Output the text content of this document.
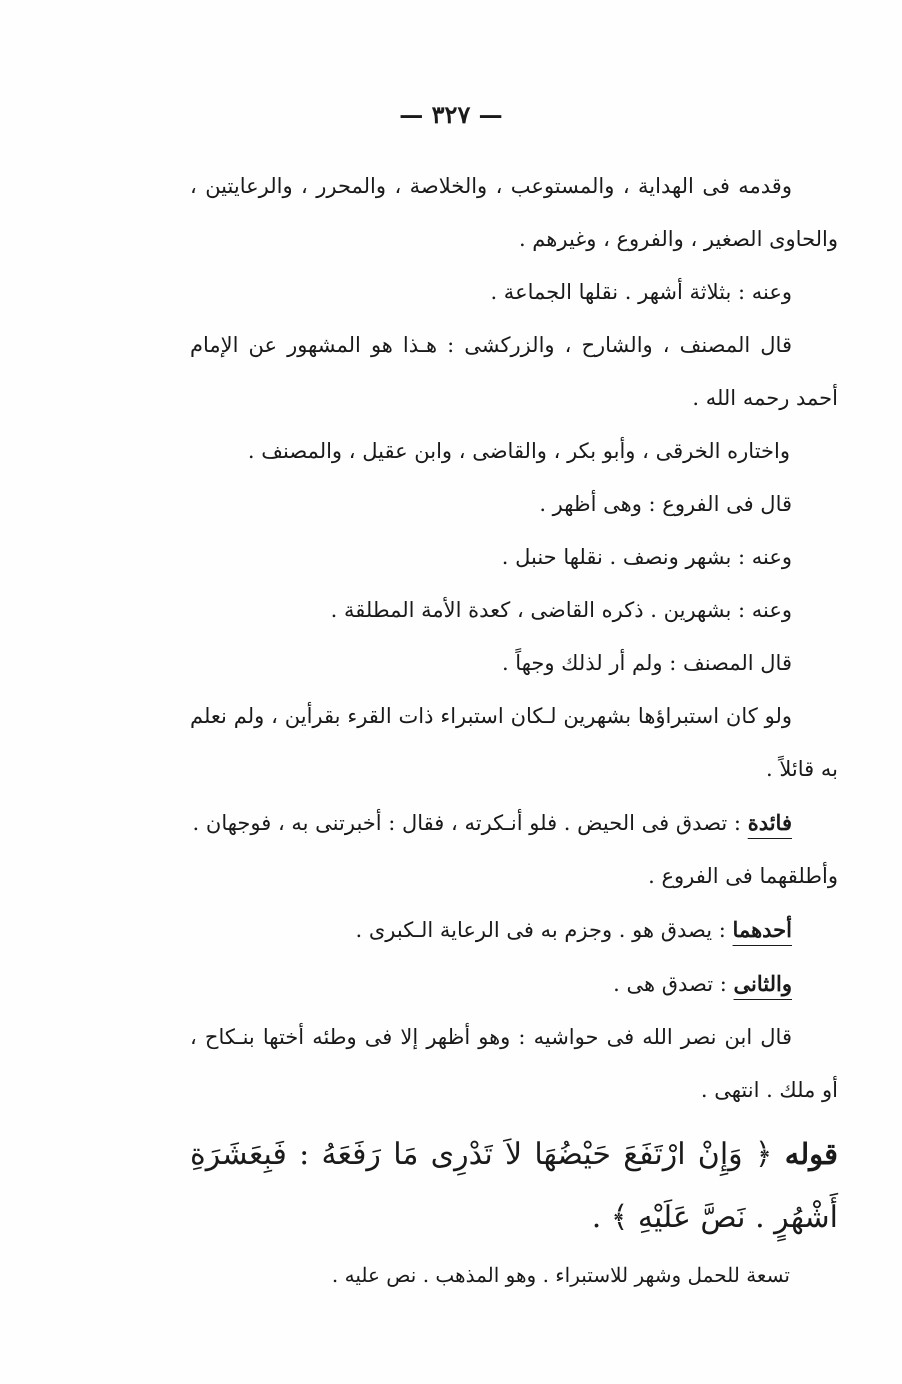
— ٣٢٧ —

وقدمه فى الهداية ، والمستوعب ، والخلاصة ، والمحرر ، والرعايتين ، والحاوى الصغير ، والفروع ، وغيرهم .

وعنه : بثلاثة أشهر . نقلها الجماعة .

قال المصنف ، والشارح ، والزركشى : هـذا هو المشهور عن الإمام أحمد رحمه الله .

واختاره الخرقى ، وأبو بكر ، والقاضى ، وابن عقيل ، والمصنف .

قال فى الفروع : وهى أظهر .

وعنه : بشهر ونصف . نقلها حنبل .

وعنه : بشهرين . ذكره القاضى ، كعدة الأمة المطلقة .

قال المصنف : ولم أر لذلك وجهاً .

ولو كان استبراؤها بشهرين لـكان استبراء ذات القرء بقرأين ، ولم نعلم به قائلاً .

فائدة : تصدق فى الحيض . فلو أنـكرته ، فقال : أخبرتنى به ، فوجهان .

وأطلقهما فى الفروع .

أحدهما : يصدق هو . وجزم به فى الرعاية الـكبرى .

والثانى : تصدق هى .

قال ابن نصر الله فى حواشيه : وهو أظهر إلا فى وطئه أختها بنـكاح ، أو ملك . انتهى .

قوله ﴿ وَإِنْ ارْتَفَعَ حَيْضُهَا لاَ تَدْرِى مَا رَفَعَهُ : فَبِعَشَرَةِ أَشْهُرٍ . نَصَّ عَلَيْهِ ﴾ .

تسعة للحمل وشهر للاستبراء . وهو المذهب . نص عليه .
